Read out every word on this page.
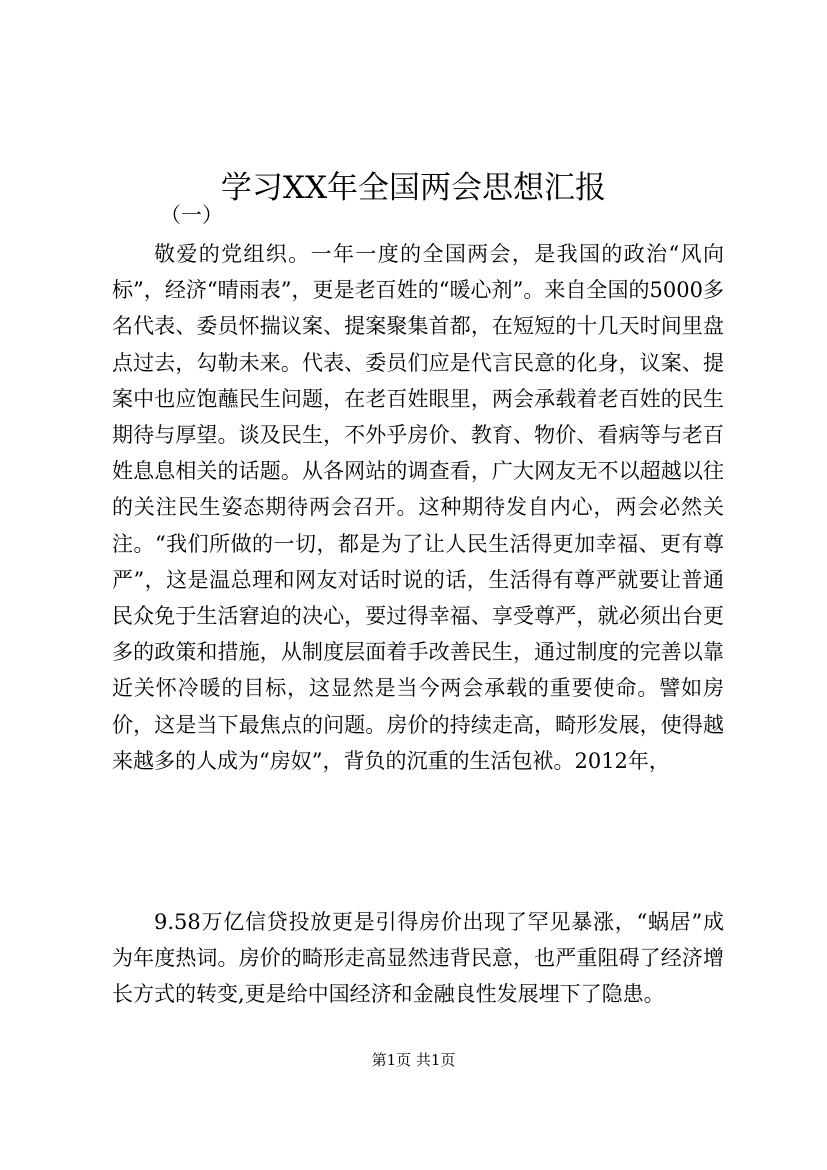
学习XX年全国两会思想汇报
（一）

敬爱的党组织。一年一度的全国两会，是我国的政治“风向标”，经济“晴雨表”，更是老百姓的“暖心剂”。来自全国的5000多名代表、委员怀揣议案、提案聚集首都，在短短的十几天时间里盘点过去，勾勒未来。代表、委员们应是代言民意的化身，议案、提案中也应饱蘸民生问题，在老百姓眼里，两会承载着老百姓的民生期待与厚望。谈及民生，不外乎房价、教育、物价、看病等与老百姓息息相关的话题。从各网站的调查看，广大网友无不以超越以往的关注民生姿态期待两会召开。这种期待发自内心，两会必然关注。“我们所做的一切，都是为了让人民生活得更加幸福、更有尊严”，这是温总理和网友对话时说的话，生活得有尊严就要让普通民众免于生活窘迫的决心，要过得幸福、享受尊严，就必须出台更多的政策和措施，从制度层面着手改善民生，通过制度的完善以靠近关怀冷暖的目标，这显然是当今两会承载的重要使命。譬如房价，这是当下最焦点的问题。房价的持续走高，畸形发展，使得越来越多的人成为“房奴”，背负的沉重的生活包袱。2012年，

9.58万亿信贷投放更是引得房价出现了罕见暴涨，“蜗居”成为年度热词。房价的畸形走高显然违背民意，也严重阻碍了经济增长方式的转变,更是给中国经济和金融良性发展埋下了隐患。

第1页 共1页
